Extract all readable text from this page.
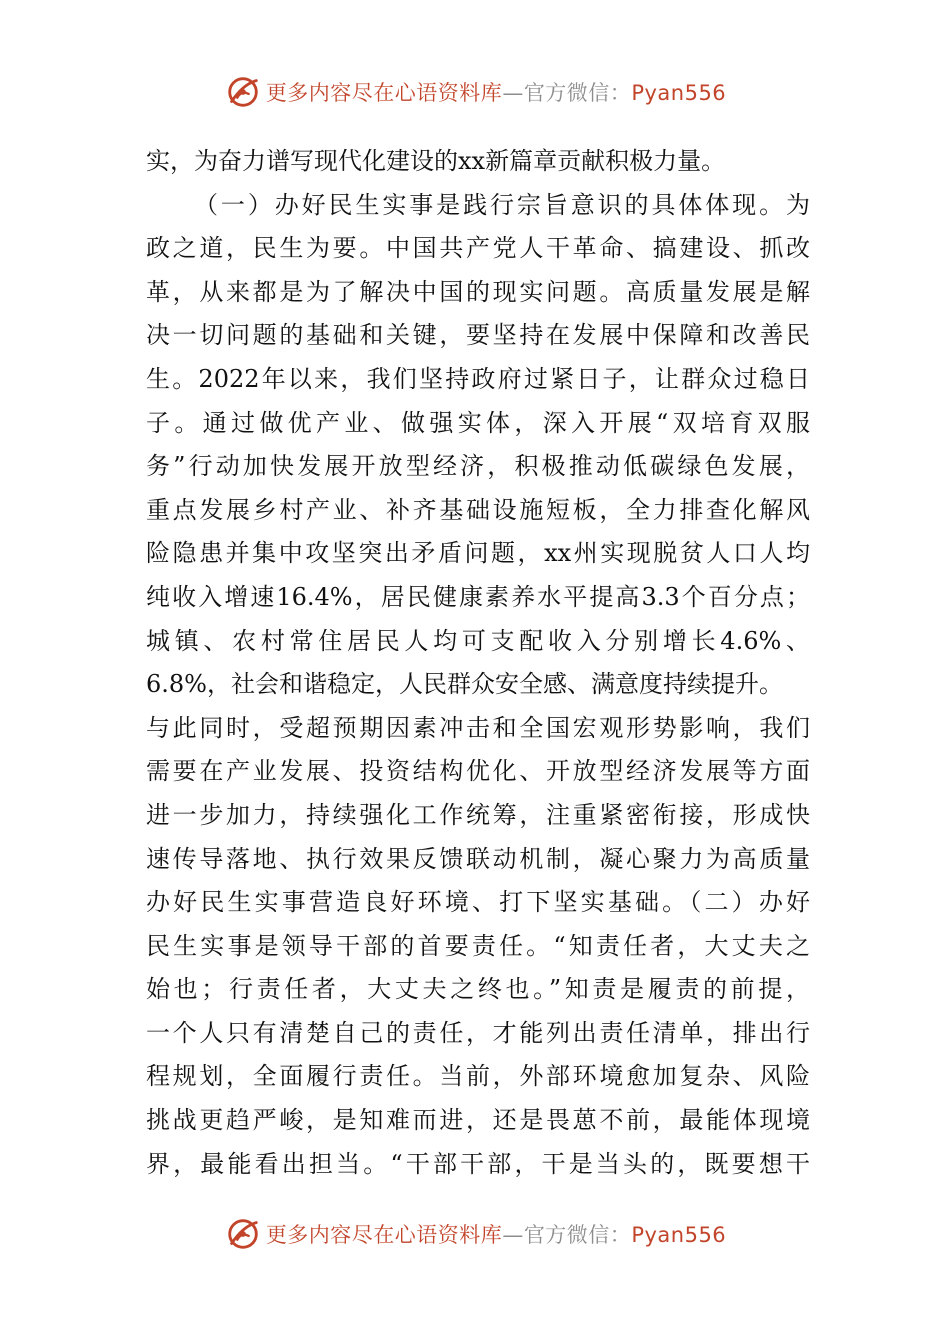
更多内容尽在心语资料库—官方微信：Pyan556
实，为奋力谱写现代化建设的xx新篇章贡献积极力量。
（一）办好民生实事是践行宗旨意识的具体体现。为
政之道，民生为要。中国共产党人干革命、搞建设、抓改
革，从来都是为了解决中国的现实问题。高质量发展是解
决一切问题的基础和关键，要坚持在发展中保障和改善民
生。2022年以来，我们坚持政府过紧日子，让群众过稳日
子。通过做优产业、做强实体，深入开展“双培育双服
务”行动加快发展开放型经济，积极推动低碳绿色发展，
重点发展乡村产业、补齐基础设施短板，全力排查化解风
险隐患并集中攻坚突出矛盾问题，xx州实现脱贫人口人均
纯收入增速16.4%，居民健康素养水平提高3.3个百分点；
城镇、农村常住居民人均可支配收入分别增长4.6%、
6.8%，社会和谐稳定，人民群众安全感、满意度持续提升。
与此同时，受超预期因素冲击和全国宏观形势影响，我们
需要在产业发展、投资结构优化、开放型经济发展等方面
进一步加力，持续强化工作统筹，注重紧密衔接，形成快
速传导落地、执行效果反馈联动机制，凝心聚力为高质量
办好民生实事营造良好环境、打下坚实基础。（二）办好
民生实事是领导干部的首要责任。“知责任者，大丈夫之
始也；行责任者，大丈夫之终也。”知责是履责的前提，
一个人只有清楚自己的责任，才能列出责任清单，排出行
程规划，全面履行责任。当前，外部环境愈加复杂、风险
挑战更趋严峻，是知难而进，还是畏葸不前，最能体现境
界，最能看出担当。“干部干部，干是当头的，既要想干
更多内容尽在心语资料库—官方微信：Pyan556
